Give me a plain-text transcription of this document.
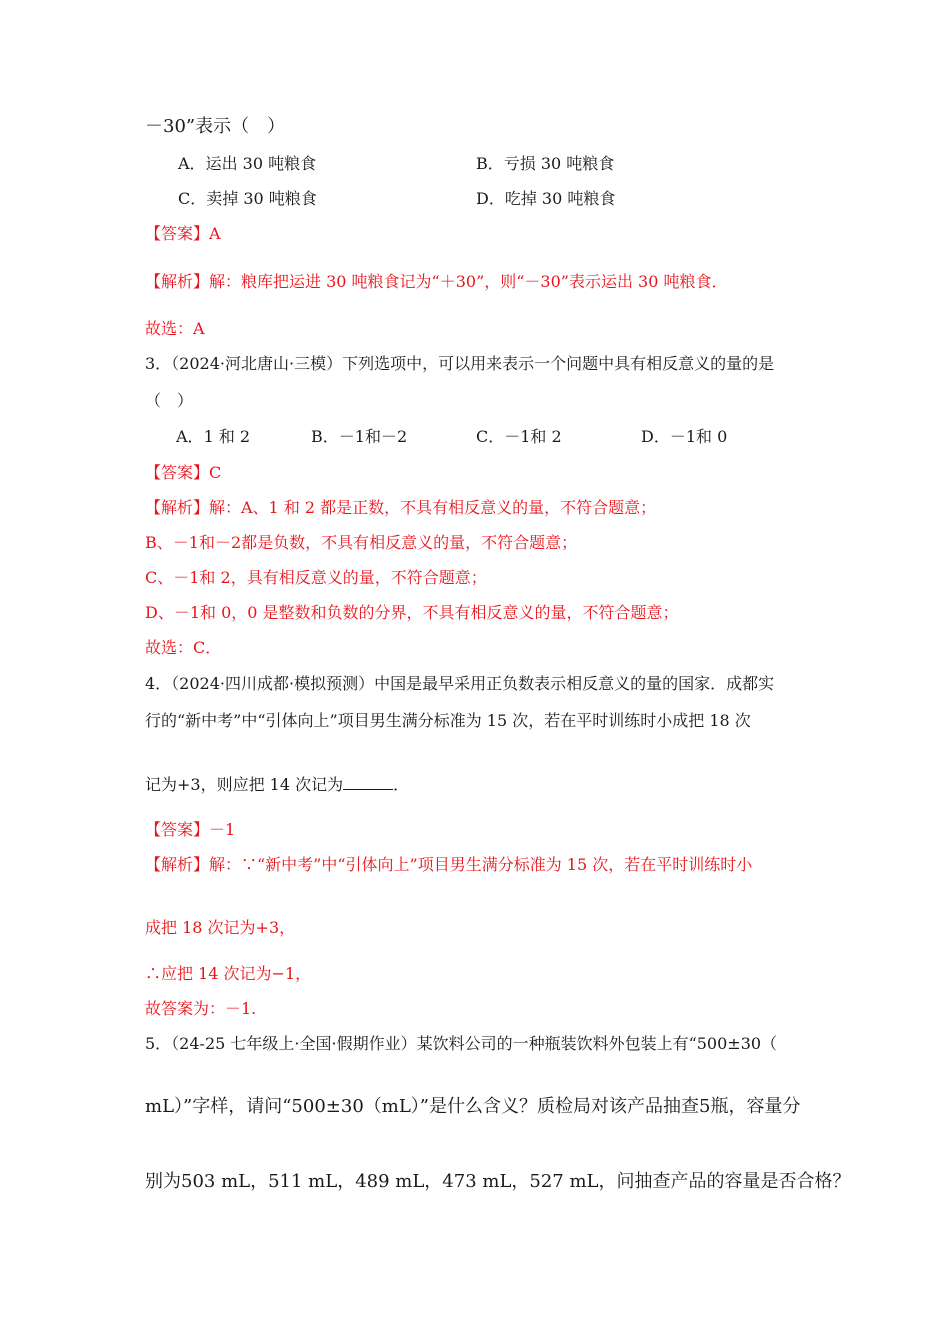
－30”表示（　）
A．运出 30 吨粮食	B．亏损 30 吨粮食
C．卖掉 30 吨粮食	D．吃掉 30 吨粮食
【答案】A
【解析】解：粮库把运进 30 吨粮食记为“＋30”，则“－30”表示运出 30 吨粮食．
故选：A
3．（2024·河北唐山·三模）下列选项中，可以用来表示一个问题中具有相反意义的量的是
（　）
A．1 和 2	B．－1和－2	C．－1和 2	D．－1和 0
【答案】C
【解析】解：A、1 和 2 都是正数，不具有相反意义的量，不符合题意；
B、－1和－2都是负数，不具有相反意义的量，不符合题意；
C、－1和 2，具有相反意义的量，不符合题意；
D、－1和 0，0 是整数和负数的分界，不具有相反意义的量，不符合题意；
故选：C．
4．（2024·四川成都·模拟预测）中国是最早采用正负数表示相反意义的量的国家．成都实
行的“新中考”中“引体向上”项目男生满分标准为 15 次，若在平时训练时小成把 18 次
记为+3，则应把 14 次记为	．
【答案】－1
【解析】解：∵“新中考”中“引体向上”项目男生满分标准为 15 次，若在平时训练时小
成把 18 次记为+3，
∴应把 14 次记为−1，
故答案为：－1.
5．（24-25 七年级上·全国·假期作业）某饮料公司的一种瓶装饮料外包装上有“500±30（
mL）”字样，请问“500±30（mL）”是什么含义？质检局对该产品抽查5瓶，容量分
别为503 mL，511 mL，489 mL，473 mL，527 mL，问抽查产品的容量是否合格？
